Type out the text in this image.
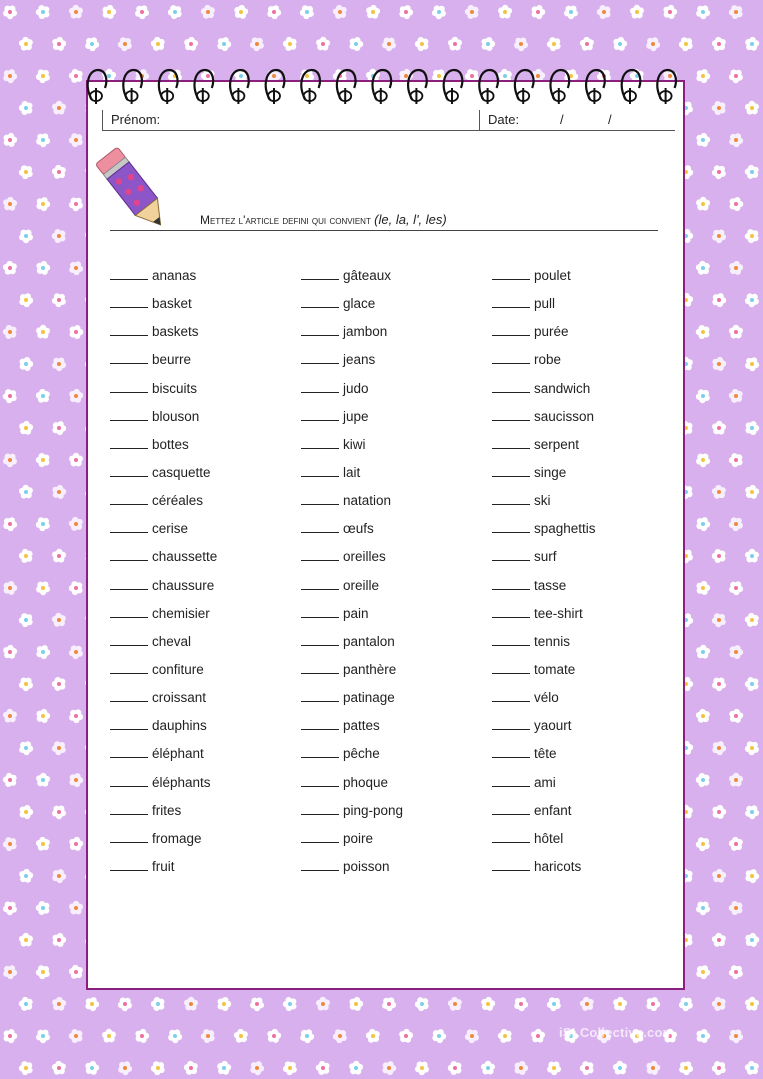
Prénom:	Date:	/	/
Mettez l'article defini qui convient (le, la, l', les)
ananas
basket
baskets
beurre
biscuits
blouson
bottes
casquette
céréales
cerise
chaussette
chaussure
chemisier
cheval
confiture
croissant
dauphins
éléphant
éléphants
frites
fromage
fruit
gâteaux
glace
jambon
jeans
judo
jupe
kiwi
lait
natation
œufs
oreilles
oreille
pain
pantalon
panthère
patinage
pattes
pêche
phoque
ping-pong
poire
poisson
poulet
pull
purée
robe
sandwich
saucisson
serpent
singe
ski
spaghettis
surf
tasse
tee-shirt
tennis
tomate
vélo
yaourt
tête
ami
enfant
hôtel
haricots
iSLCollective.com
